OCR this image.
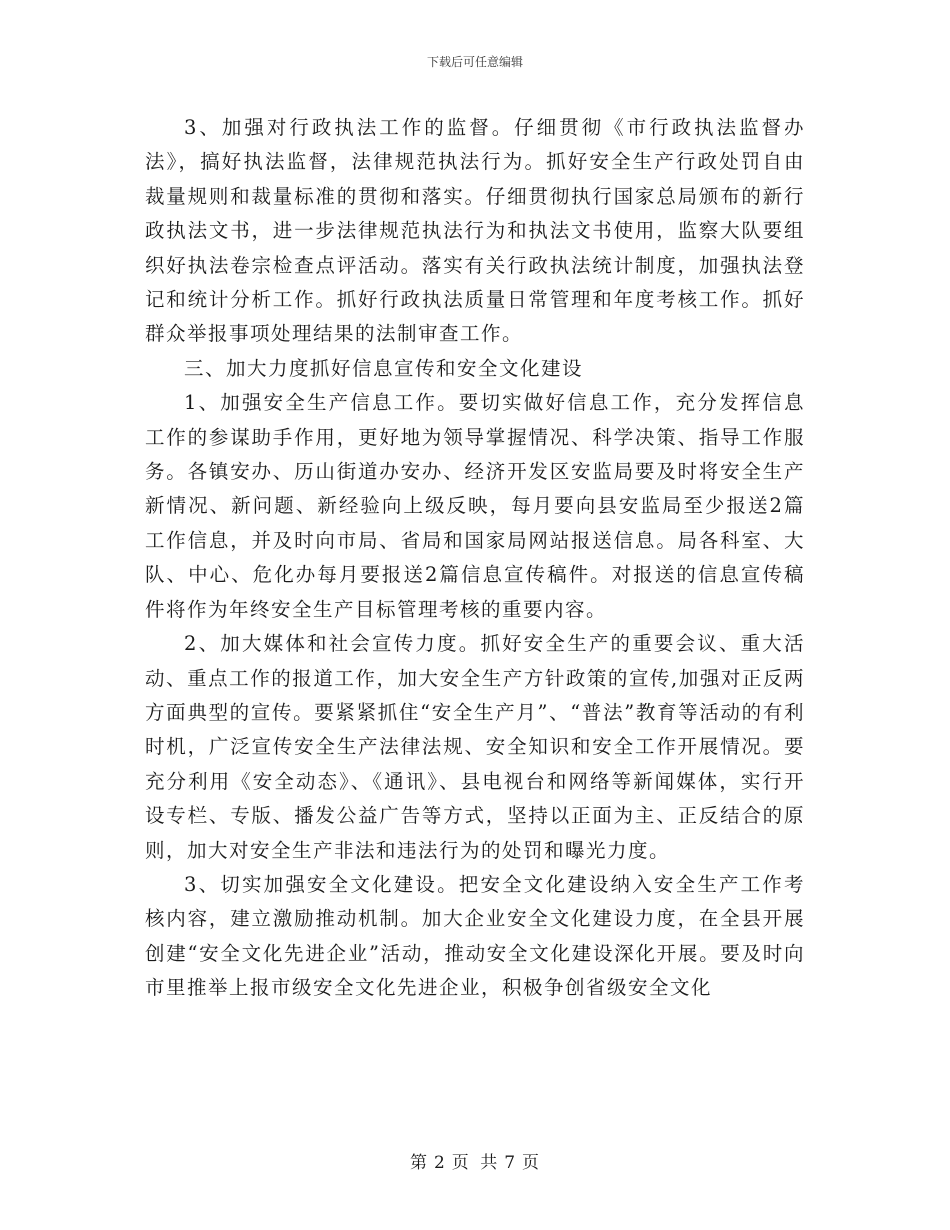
下载后可任意编辑

3、加强对行政执法工作的监督。仔细贯彻《市行政执法监督办法》，搞好执法监督，法律规范执法行为。抓好安全生产行政处罚自由裁量规则和裁量标准的贯彻和落实。仔细贯彻执行国家总局颁布的新行政执法文书，进一步法律规范执法行为和执法文书使用，监察大队要组织好执法卷宗检查点评活动。落实有关行政执法统计制度，加强执法登记和统计分析工作。抓好行政执法质量日常管理和年度考核工作。抓好群众举报事项处理结果的法制审查工作。

三、加大力度抓好信息宣传和安全文化建设

1、加强安全生产信息工作。要切实做好信息工作，充分发挥信息工作的参谋助手作用，更好地为领导掌握情况、科学决策、指导工作服务。各镇安办、历山街道办安办、经济开发区安监局要及时将安全生产新情况、新问题、新经验向上级反映，每月要向县安监局至少报送2篇工作信息，并及时向市局、省局和国家局网站报送信息。局各科室、大队、中心、危化办每月要报送2篇信息宣传稿件。对报送的信息宣传稿件将作为年终安全生产目标管理考核的重要内容。

2、加大媒体和社会宣传力度。抓好安全生产的重要会议、重大活动、重点工作的报道工作，加大安全生产方针政策的宣传,加强对正反两方面典型的宣传。要紧紧抓住“安全生产月”、“普法”教育等活动的有利时机，广泛宣传安全生产法律法规、安全知识和安全工作开展情况。要充分利用《安全动态》、《通讯》、县电视台和网络等新闻媒体，实行开设专栏、专版、播发公益广告等方式，坚持以正面为主、正反结合的原则，加大对安全生产非法和违法行为的处罚和曝光力度。

3、切实加强安全文化建设。把安全文化建设纳入安全生产工作考核内容，建立激励推动机制。加大企业安全文化建设力度，在全县开展创建“安全文化先进企业”活动，推动安全文化建设深化开展。要及时向市里推举上报市级安全文化先进企业，积极争创省级安全文化

第 2 页 共 7 页
